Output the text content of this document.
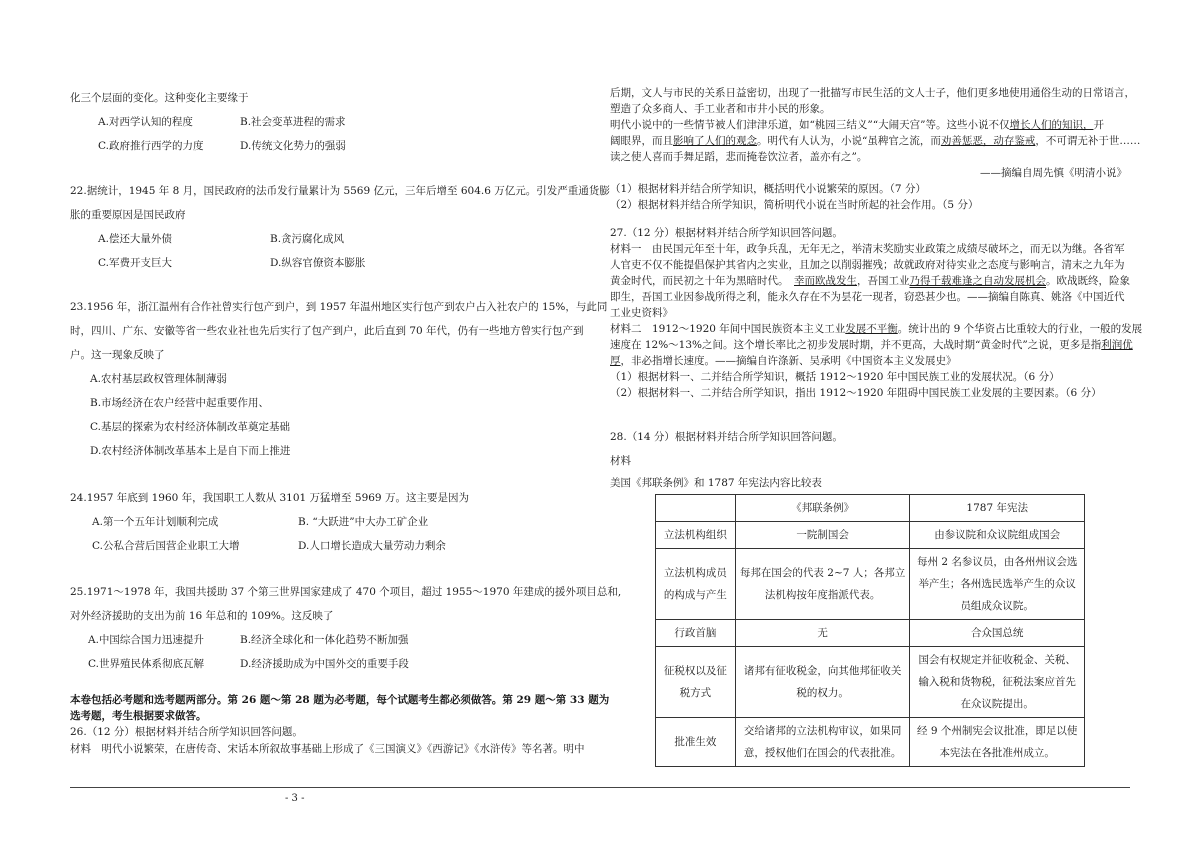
化三个层面的变化。这种变化主要缘于
A.对西学认知的程度	B.社会变革进程的需求
C.政府推行西学的力度	D.传统文化势力的强弱
22.据统计，1945 年 8 月，国民政府的法币发行量累计为 5569 亿元，三年后增至 604.6 万亿元。引发严重通货膨
胀的重要原因是国民政府
A.偿还大量外债	B.贪污腐化成风
C.军费开支巨大	D.纵容官僚资本膨胀
23.1956 年，浙江温州有合作社曾实行包产到户，到 1957 年温州地区实行包产到农户占入社农户的 15%，与此同
时，四川、广东、安徽等省一些农业社也先后实行了包产到户，此后直到 70 年代，仍有一些地方曾实行包产到
户。这一现象反映了
A.农村基层政权管理体制薄弱
B.市场经济在农户经营中起重要作用、
C.基层的探索为农村经济体制改革奠定基础
D.农村经济体制改革基本上是自下而上推进
24.1957 年底到 1960 年，我国职工人数从 3101 万猛增至 5969 万。这主要是因为
A.第一个五年计划顺利完成	B. “大跃进”中大办工矿企业
C.公私合营后国营企业职工大增	D.人口增长造成大量劳动力剩余
25.1971～1978 年，我国共援助 37 个第三世界国家建成了 470 个项目，超过 1955～1970 年建成的援外项目总和,
对外经济援助的支出为前 16 年总和的 109%。这反映了
A.中国综合国力迅速提升	B.经济全球化和一体化趋势不断加强
C.世界殖民体系彻底瓦解	D.经济援助成为中国外交的重要手段
本卷包括必考题和选考题两部分。第 26 题～第 28 题为必考题，每个试题考生都必须做答。第 29 题～第 33 题为
选考题，考生根据要求做答。
26.（12 分）根据材料并结合所学知识回答问题。
材料　明代小说繁荣，在唐传奇、宋话本所叙故事基础上形成了《三国演义》《西游记》《水浒传》等名著。明中
后期，文人与市民的关系日益密切，出现了一批描写市民生活的文人士子，他们更多地使用通俗生动的日常语言，
塑造了众多商人、手工业者和市井小民的形象。
明代小说中的一些情节被人们津津乐道，如“桃园三结义”“大闹天宫”等。这些小说不仅增长人们的知识，开
阔眼界，而且影响了人们的观念。明代有人认为，小说“虽稗官之流，而劝善惩恶，动存鉴戒，不可谓无补于世……
读之使人喜而手舞足蹈，悲而掩卷饮泣者，盖亦有之”。
——摘编自周先慎《明清小说》
（1）根据材料并结合所学知识，概括明代小说繁荣的原因。（7 分）
（2）根据材料并结合所学知识，简析明代小说在当时所起的社会作用。（5 分）
27.（12 分）根据材料并结合所学知识回答问题。
材料一　由民国元年至十年，政争兵乱，无年无之，举清末奖励实业政策之成绩尽破坏之，而无以为继。各省军
人官吏不仅不能提倡保护其省内之实业，且加之以削弱摧残；故就政府对待实业之态度与影响言，清末之九年为
黄金时代，而民初之十年为黑暗时代。 幸而欧战发生，吾国工业乃得千载难逢之自动发展机会。欧战既终，险象
即生，吾国工业因参战所得之利，能永久存在不为昙花一现者，窃恐甚少也。——摘编自陈真、姚洛《中国近代
工业史资料》
材料二　1912～1920 年间中国民族资本主义工业发展不平衡。统计出的 9 个华资占比重较大的行业，一般的发展
速度在 12%～13%之间。这个增长率比之初步发展时期，并不更高，大战时期“黄金时代”之说，更多是指利润优
厚，非必指增长速度。——摘编自许涤新、吴承明《中国资本主义发展史》
（1）根据材料一、二并结合所学知识，概括 1912～1920 年中国民族工业的发展状况。（6 分）
（2）根据材料一、二并结合所学知识，指出 1912～1920 年阻碍中国民族工业发展的主要因素。（6 分）
28.（14 分）根据材料并结合所学知识回答问题。
材料
美国《邦联条例》和 1787 年宪法内容比较表
	《邦联条例》	1787 年宪法
立法机构组织	一院制国会	由参议院和众议院组成国会
立法机构成员的构成与产生	每邦在国会的代表 2~7 人；各邦立法机构按年度指派代表。	每州 2 名参议员，由各州州议会选举产生；各州选民选举产生的众议员组成众议院。
行政首脑	无	合众国总统
征税权以及征税方式	诸邦有征收税金，向其他邦征收关税的权力。	国会有权规定并征收税金、关税、输入税和货物税，征税法案应首先在众议院提出。
批准生效	交给诸邦的立法机构审议，如果同意，授权他们在国会的代表批准。	经 9 个州制宪会议批准，即足以使本宪法在各批准州成立。
- 3 -
